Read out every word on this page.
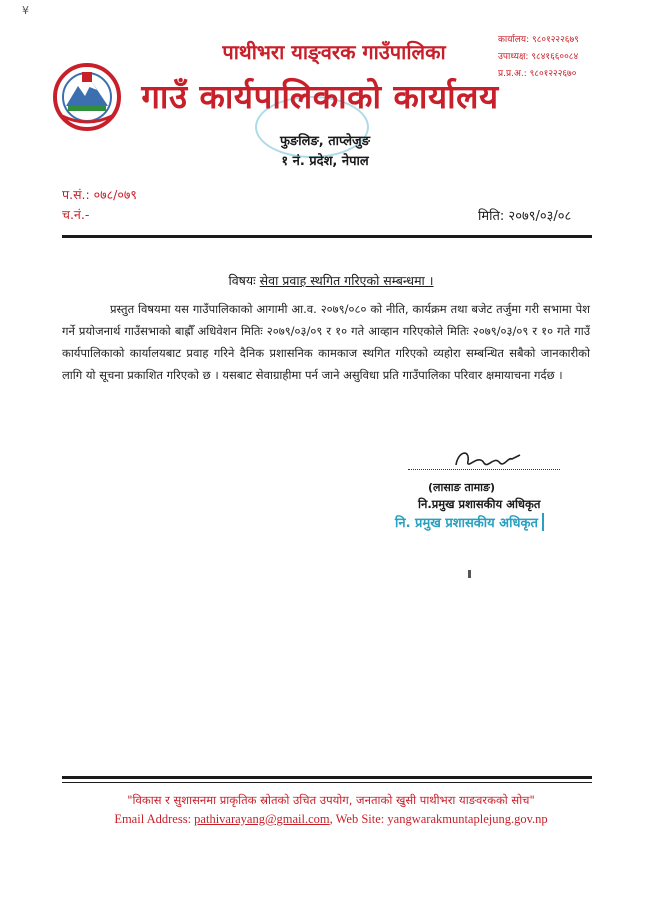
¥
पाथीभरा याङ्वरक गाउँपालिका
गाउँ कार्यपालिकाको कार्यालय
फुङलिङ, ताप्लेजुङ
१ नं. प्रदेश, नेपाल
कार्यालय: ९८०१२२२६७९
उपाध्यक्ष: ९८४१६६००८४
प्र.प्र.अ.: ९८०१२२२६७०
प.सं.: ०७८/०७९
च.नं.-	मिति: २०७९/०३/०८
विषयः सेवा प्रवाह स्थगित गरिएको सम्बन्धमा ।
प्रस्तुत विषयमा यस गाउँपालिकाको आगामी आ.व. २०७९/०८० को नीति, कार्यक्रम तथा बजेट तर्जुमा गरी सभामा पेश गर्ने प्रयोजनार्थ गाउँसभाको बाह्रौँ अधिवेशन मितिः २०७९/०३/०९ र १० गते आव्हान गरिएकोले मितिः २०७९/०३/०९ र १० गते गाउँ कार्यपालिकाको कार्यालयबाट प्रवाह गरिने दैनिक प्रशासनिक कामकाज स्थगित गरिएको व्यहोरा सम्बन्धित सबैको जानकारीको लागि यो सूचना प्रकाशित गरिएको छ । यसबाट सेवाग्राहीमा पर्न जाने असुविधा प्रति गाउँपालिका परिवार क्षमायाचना गर्दछ ।
(लासाङ तामाङ)
नि.प्रमुख प्रशासकीय अधिकृत
नि. प्रमुख प्रशासकीय अधिकृत
"विकास र सुशासनमा प्राकृतिक स्रोतको उचित उपयोग, जनताको खुसी पाथीभरा याङवरकको सोच"
Email Address: pathivarayang@gmail.com, Web Site: yangwarakmuntaplejung.gov.np
